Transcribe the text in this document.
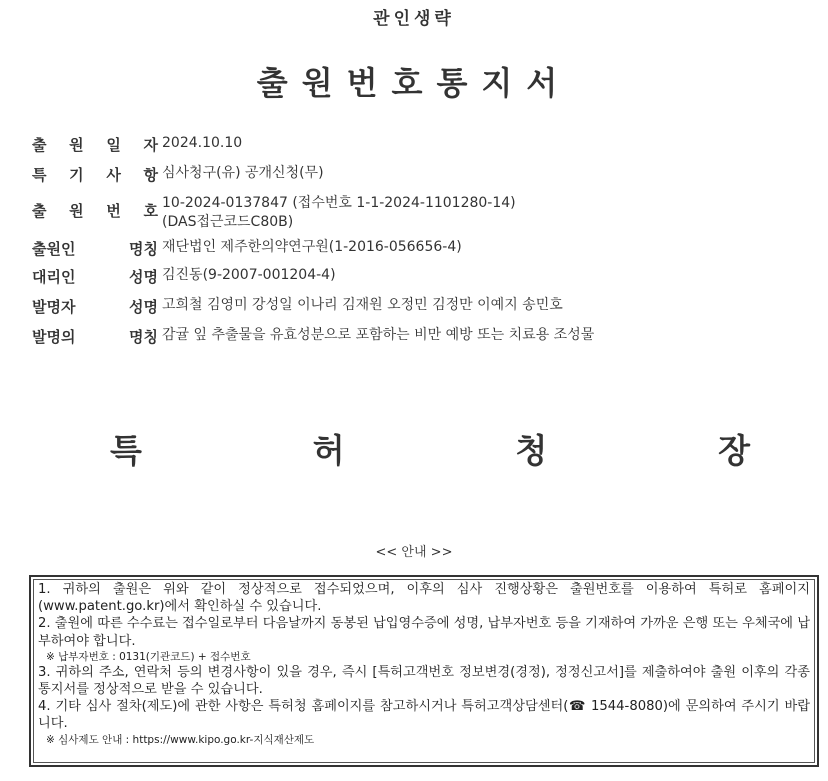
관인생략
출원번호통지서
출 원 일 자 2024.10.10
특 기 사 항 심사청구(유) 공개신청(무)
출 원 번 호 10-2024-0137847 (접수번호 1-1-2024-1101280-14)
(DAS접근코드C80B)
출원인	명칭 재단법인 제주한의약연구원(1-2016-056656-4)
대리인	성명 김진동(9-2007-001204-4)
발명자	성명 고희철 김영미 강성일 이나리 김재원 오정민 김정만 이예지 송민호
발명의	명칭 감귤 잎 추출물을 유효성분으로 포함하는 비만 예방 또는 치료용 조성물
특	허	청	장
<< 안내 >>

1. 귀하의 출원은 위와 같이 정상적으로 접수되었으며, 이후의 심사 진행상황은 출원번호를 이용하여 특허로 홈페이지(www.patent.go.kr)에서 확인하실 수 있습니다.

2. 출원에 따른 수수료는 접수일로부터 다음날까지 동봉된 납입영수증에 성명, 납부자번호 등을 기재하여 가까운 은행 또는 우체국에 납부하여야 합니다.

※ 납부자번호 : 0131(기관코드) + 접수번호

3. 귀하의 주소, 연락처 등의 변경사항이 있을 경우, 즉시 [특허고객번호 정보변경(경정), 정정신고서]를 제출하여야 출원 이후의 각종 통지서를 정상적으로 받을 수 있습니다.

4. 기타 심사 절차(제도)에 관한 사항은 특허청 홈페이지를 참고하시거나 특허고객상담센터(☎ 1544-8080)에 문의하여 주시기 바랍니다.

※ 심사제도 안내 : https://www.kipo.go.kr-지식재산제도
